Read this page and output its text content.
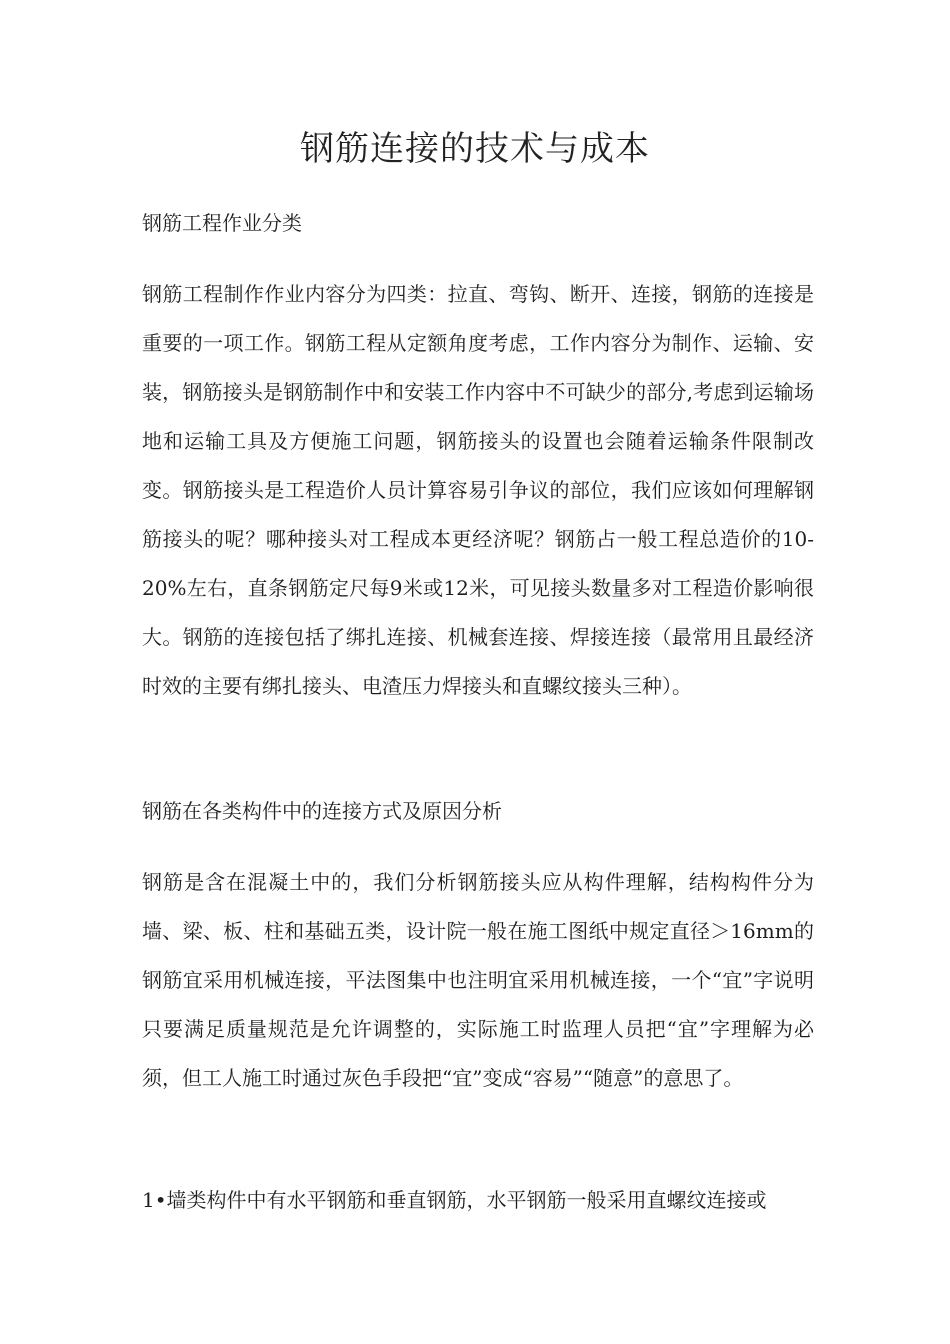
钢筋连接的技术与成本
钢筋工程作业分类
钢筋工程制作作业内容分为四类：拉直、弯钩、断开、连接，钢筋的连接是重要的一项工作。钢筋工程从定额角度考虑，工作内容分为制作、运输、安装，钢筋接头是钢筋制作中和安装工作内容中不可缺少的部分,考虑到运输场地和运输工具及方便施工问题，钢筋接头的设置也会随着运输条件限制改变。钢筋接头是工程造价人员计算容易引争议的部位，我们应该如何理解钢筋接头的呢？哪种接头对工程成本更经济呢？钢筋占一般工程总造价的10-20%左右，直条钢筋定尺每9米或12米，可见接头数量多对工程造价影响很大。钢筋的连接包括了绑扎连接、机械套连接、焊接连接（最常用且最经济时效的主要有绑扎接头、电渣压力焊接头和直螺纹接头三种）。
钢筋在各类构件中的连接方式及原因分析
钢筋是含在混凝土中的，我们分析钢筋接头应从构件理解，结构构件分为墙、梁、板、柱和基础五类，设计院一般在施工图纸中规定直径＞16mm的钢筋宜采用机械连接，平法图集中也注明宜采用机械连接，一个“宜”字说明只要满足质量规范是允许调整的，实际施工时监理人员把“宜”字理解为必须，但工人施工时通过灰色手段把“宜”变成“容易”“随意”的意思了。
1•墙类构件中有水平钢筋和垂直钢筋，水平钢筋一般采用直螺纹连接或
